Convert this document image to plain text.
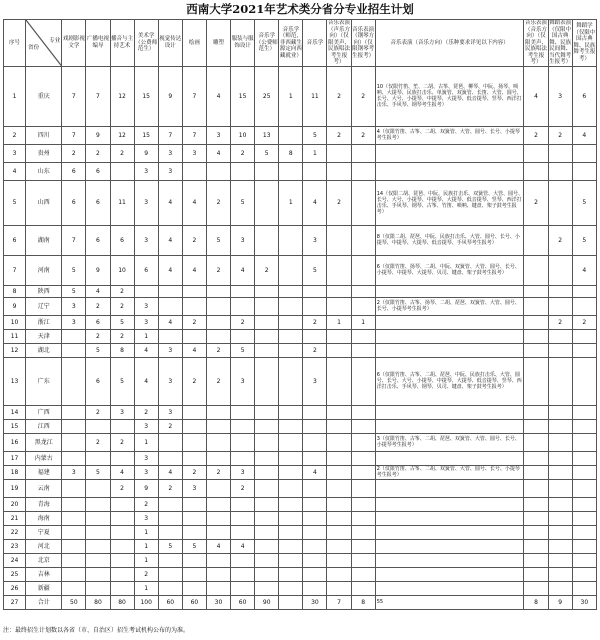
西南大学2021年艺术类分省分专业招生计划
序号	专业
省份	戏剧影视文学	广播电视编导	播音与主持艺术	美术学（公费师范生）	视觉传达设计	绘画	雕塑	服装与服饰设计	音乐学（公费师范生）	音乐学（师范，非西藏生源定向西藏就业）	音乐学	音乐表演（声乐方向）（仅限美声、民族唱法考生报考）	音乐表演（钢琴方向）（仅限钢琴考生报考）	音乐表演（音乐方向）（乐种要求详见以下内容）	音乐表演（音乐方向）（仅限美声、民族唱法考生报考）	舞蹈表演（仅限中国古典舞、民族民间舞、当代舞考生报考）	舞蹈学（仅限中国古典舞、民族舞考生报考）
1	重庆	7	7	12	15	9	7	4	15	25	1	11	2	2	10（仅限竹笛、笙、二胡、古筝、琵琶、柳琴、中阮、扬琴、唢呐、大提琴、民族打击乐、单簧管、双簧管、长笛、大管、圆号、长号、大号、小提琴、中提琴、大提琴、低音提琴、竖琴、西洋打击乐、手风琴、钢琴考生报考）	4	3	6
2	四川	7	9	12	15	7	7	3	10	13		5	2	2	4（仅限竹笛、古筝、二胡、双簧管、大管、圆号、长号、小提琴考生报考）	2	2	4
3	贵州	2	2	2	9	3	3	4	2	5	8	1						
4	山东	6	6		3	3												
5	山西	6	6	11	3	4	4	2	5		1	4	2		14（仅限二胡、琵琶、中阮、民族打击乐、双簧管、大管、圆号、长号、大号、小提琴、中提琴、大提琴、低音提琴、竖琴、西洋打击乐、手风琴、钢琴、古筝、竹笛、唢呐、键盘、架子鼓考生报考）	2		5
6	湖南	7	6	6	3	4	2	5	3			3			8（仅限二胡、琵琶、中阮、民族打击乐、大管、圆号、长号、小提琴、中提琴、大提琴、低音提琴、手风琴考生报考）		2	5
7	河南	5	9	10	6	4	4	2	4	2		5			6（仅限竹笛、扬琴、二胡、中阮、双簧管、大管、圆号、长号、小提琴、中提琴、大提琴、贝司、键盘、架子鼓考生报考）			4
8	陕西	5	4	2														
9	辽宁	3	2	2	3										2（仅限竹笛、古筝、扬琴、二胡、琵琶、双簧管、大管、圆号、长号、小提琴考生报考）			
10	浙江	3	6	5	3	4	2		2			2	1	1			2	2
11	天津		2	2	1													
12	湖北		5	8	4	3	4	2	5			2						
13	广东		6	5	4	3	2	2	3			3			6（仅限竹笛、古筝、二胡、琵琶、中阮、民族打击乐、大管、圆号、长号、大号、小提琴、中提琴、大提琴、低音提琴、竖琴、西洋打击乐、手风琴、钢琴、贝司、键盘、架子鼓考生报考）			
14	广西		2	3	2	3												
15	江西				3	2												
16	黑龙江		2	2	1										3（仅限竹笛、古筝、二胡、琵琶、双簧管、大管、圆号、长号、小提琴考生报考）			
17	内蒙古				3													
18	福建	3	5	4	3	4	2	2	3			4			2（仅限竹笛、古筝、二胡、双簧管、大管、圆号、长号、小提琴考生报考）			
19	云南			2	9	2	3		2									
20	青海				2													
21	海南				3													
22	宁夏				1													
23	河北				1	5	5	4	4									
24	北京				1													
25	吉林				2													
26	新疆				1													
27	合计	50	80	80	100	60	60	30	60	90		30	7	8	55	8	9	30
注：最终招生计划数以各省（市、自治区）招生考试机构公布的为准。
